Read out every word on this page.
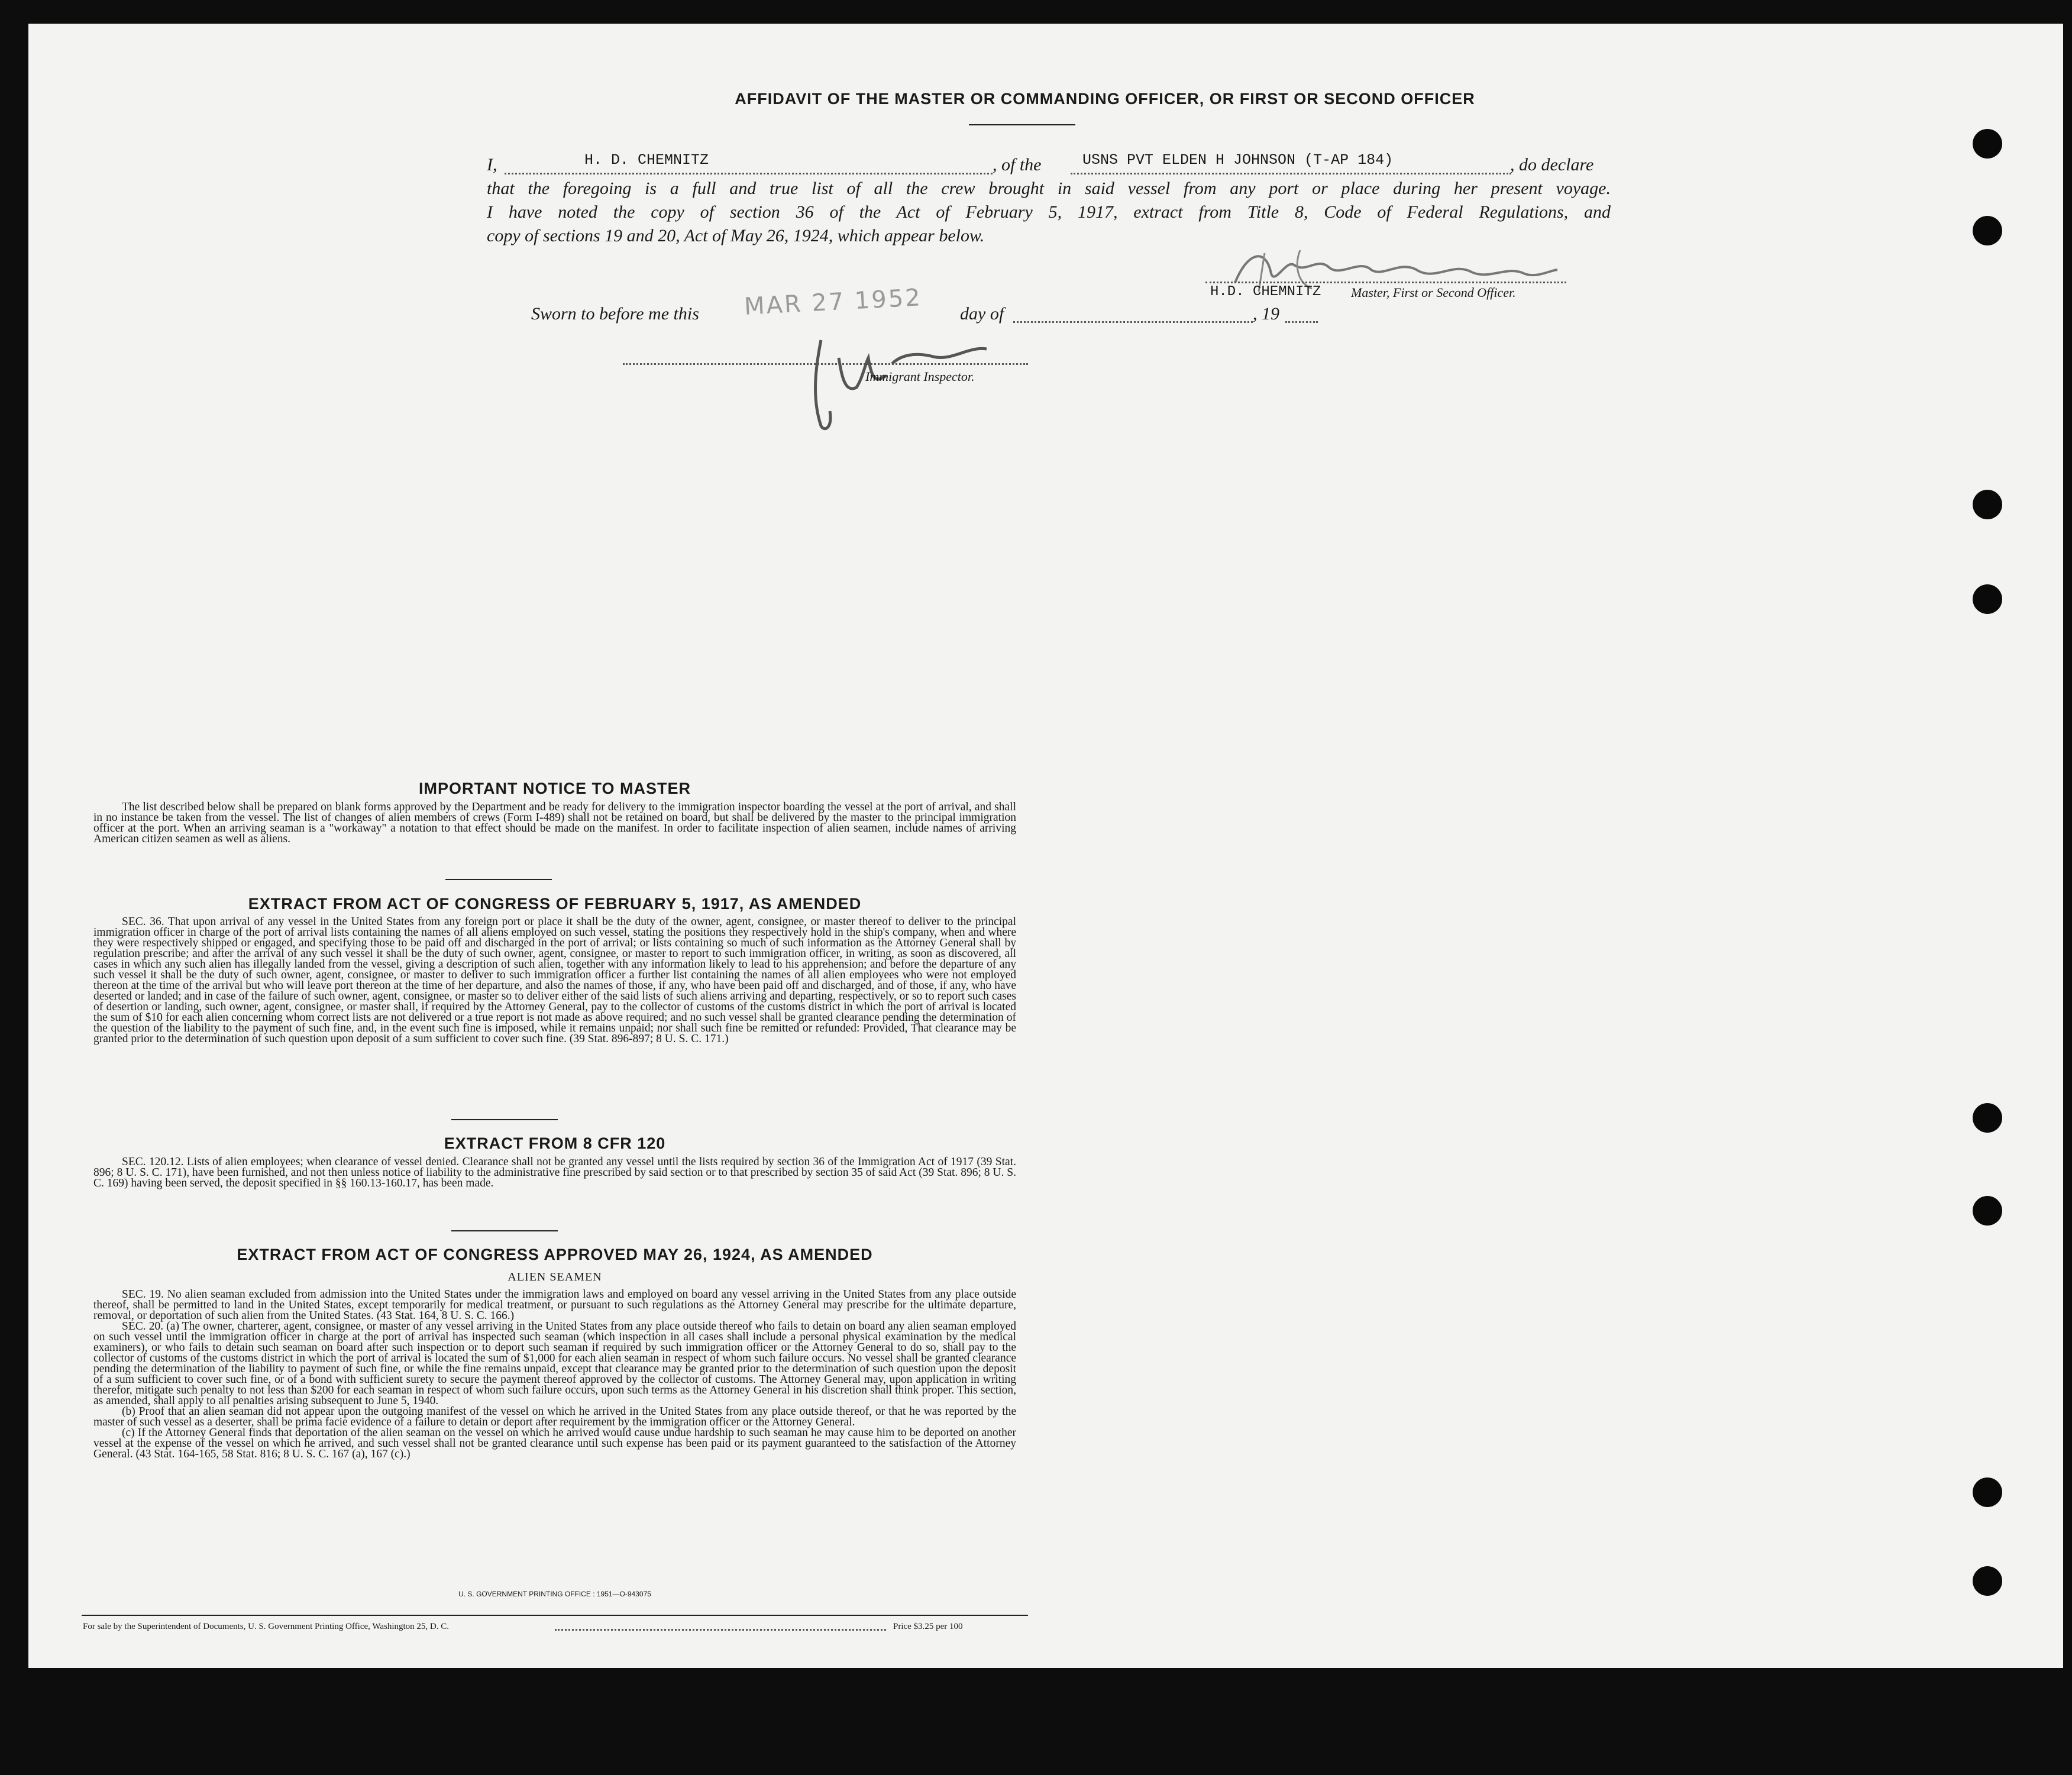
AFFIDAVIT OF THE MASTER OR COMMANDING OFFICER, OR FIRST OR SECOND OFFICER
I,	H. D. CHEMNITZ	, of the	USNS PVT ELDEN H JOHNSON (T-AP 184)	, do declare
that the foregoing is a full and true list of all the crew brought in said vessel from any port or place during her present voyage.
I have noted the copy of section 36 of the Act of February 5, 1917, extract from Title 8, Code of Federal Regulations, and
copy of sections 19 and 20, Act of May 26, 1924, which appear below.
H.D. CHEMNITZ Master, First or Second Officer.
Sworn to before me this MAR 27 1952 day of	, 19
Immigrant Inspector.
IMPORTANT NOTICE TO MASTER

The list described below shall be prepared on blank forms approved by the Department and be ready for delivery to the immigration inspector boarding the vessel at the port of arrival, and shall in no instance be taken from the vessel. The list of changes of alien members of crews (Form I-489) shall not be retained on board, but shall be delivered by the master to the principal immigration officer at the port. When an arriving seaman is a "workaway" a notation to that effect should be made on the manifest. In order to facilitate inspection of alien seamen, include names of arriving American citizen seamen as well as aliens.

EXTRACT FROM ACT OF CONGRESS OF FEBRUARY 5, 1917, AS AMENDED

SEC. 36. That upon arrival of any vessel in the United States from any foreign port or place it shall be the duty of the owner, agent, consignee, or master thereof to deliver to the principal immigration officer in charge of the port of arrival lists containing the names of all aliens employed on such vessel, stating the positions they respectively hold in the ship's company, when and where they were respectively shipped or engaged, and specifying those to be paid off and discharged in the port of arrival; or lists containing so much of such information as the Attorney General shall by regulation prescribe; and after the arrival of any such vessel it shall be the duty of such owner, agent, consignee, or master to report to such immigration officer, in writing, as soon as discovered, all cases in which any such alien has illegally landed from the vessel, giving a description of such alien, together with any information likely to lead to his apprehension; and before the departure of any such vessel it shall be the duty of such owner, agent, consignee, or master to deliver to such immigration officer a further list containing the names of all alien employees who were not employed thereon at the time of the arrival but who will leave port thereon at the time of her departure, and also the names of those, if any, who have been paid off and discharged, and of those, if any, who have deserted or landed; and in case of the failure of such owner, agent, consignee, or master so to deliver either of the said lists of such aliens arriving and departing, respectively, or so to report such cases of desertion or landing, such owner, agent, consignee, or master shall, if required by the Attorney General, pay to the collector of customs of the customs district in which the port of arrival is located the sum of $10 for each alien concerning whom correct lists are not delivered or a true report is not made as above required; and no such vessel shall be granted clearance pending the determination of the question of the liability to the payment of such fine, and, in the event such fine is imposed, while it remains unpaid; nor shall such fine be remitted or refunded: Provided, That clearance may be granted prior to the determination of such question upon deposit of a sum sufficient to cover such fine. (39 Stat. 896-897; 8 U. S. C. 171.)

EXTRACT FROM 8 CFR 120

SEC. 120.12. Lists of alien employees; when clearance of vessel denied. Clearance shall not be granted any vessel until the lists required by section 36 of the Immigration Act of 1917 (39 Stat. 896; 8 U. S. C. 171), have been furnished, and not then unless notice of liability to the administrative fine prescribed by said section or to that prescribed by section 35 of said Act (39 Stat. 896; 8 U. S. C. 169) having been served, the deposit specified in §§ 160.13-160.17, has been made.

EXTRACT FROM ACT OF CONGRESS APPROVED MAY 26, 1924, AS AMENDED
ALIEN SEAMEN

SEC. 19. No alien seaman excluded from admission into the United States under the immigration laws and employed on board any vessel arriving in the United States from any place outside thereof, shall be permitted to land in the United States, except temporarily for medical treatment, or pursuant to such regulations as the Attorney General may prescribe for the ultimate departure, removal, or deportation of such alien from the United States. (43 Stat. 164, 8 U. S. C. 166.)

SEC. 20. (a) The owner, charterer, agent, consignee, or master of any vessel arriving in the United States from any place outside thereof who fails to detain on board any alien seaman employed on such vessel until the immigration officer in charge at the port of arrival has inspected such seaman (which inspection in all cases shall include a personal physical examination by the medical examiners), or who fails to detain such seaman on board after such inspection or to deport such seaman if required by such immigration officer or the Attorney General to do so, shall pay to the collector of customs of the customs district in which the port of arrival is located the sum of $1,000 for each alien seaman in respect of whom such failure occurs. No vessel shall be granted clearance pending the determination of the liability to payment of such fine, or while the fine remains unpaid, except that clearance may be granted prior to the determination of such question upon the deposit of a sum sufficient to cover such fine, or of a bond with sufficient surety to secure the payment thereof approved by the collector of customs. The Attorney General may, upon application in writing therefor, mitigate such penalty to not less than $200 for each seaman in respect of whom such failure occurs, upon such terms as the Attorney General in his discretion shall think proper. This section, as amended, shall apply to all penalties arising subsequent to June 5, 1940.

(b) Proof that an alien seaman did not appear upon the outgoing manifest of the vessel on which he arrived in the United States from any place outside thereof, or that he was reported by the master of such vessel as a deserter, shall be prima facie evidence of a failure to detain or deport after requirement by the immigration officer or the Attorney General.

(c) If the Attorney General finds that deportation of the alien seaman on the vessel on which he arrived would cause undue hardship to such seaman he may cause him to be deported on another vessel at the expense of the vessel on which he arrived, and such vessel shall not be granted clearance until such expense has been paid or its payment guaranteed to the satisfaction of the Attorney General. (43 Stat. 164-165, 58 Stat. 816; 8 U. S. C. 167 (a), 167 (c).)

U. S. GOVERNMENT PRINTING OFFICE : 1951—O-943075
For sale by the Superintendent of Documents, U. S. Government Printing Office, Washington 25, D. C.	Price $3.25 per 100
